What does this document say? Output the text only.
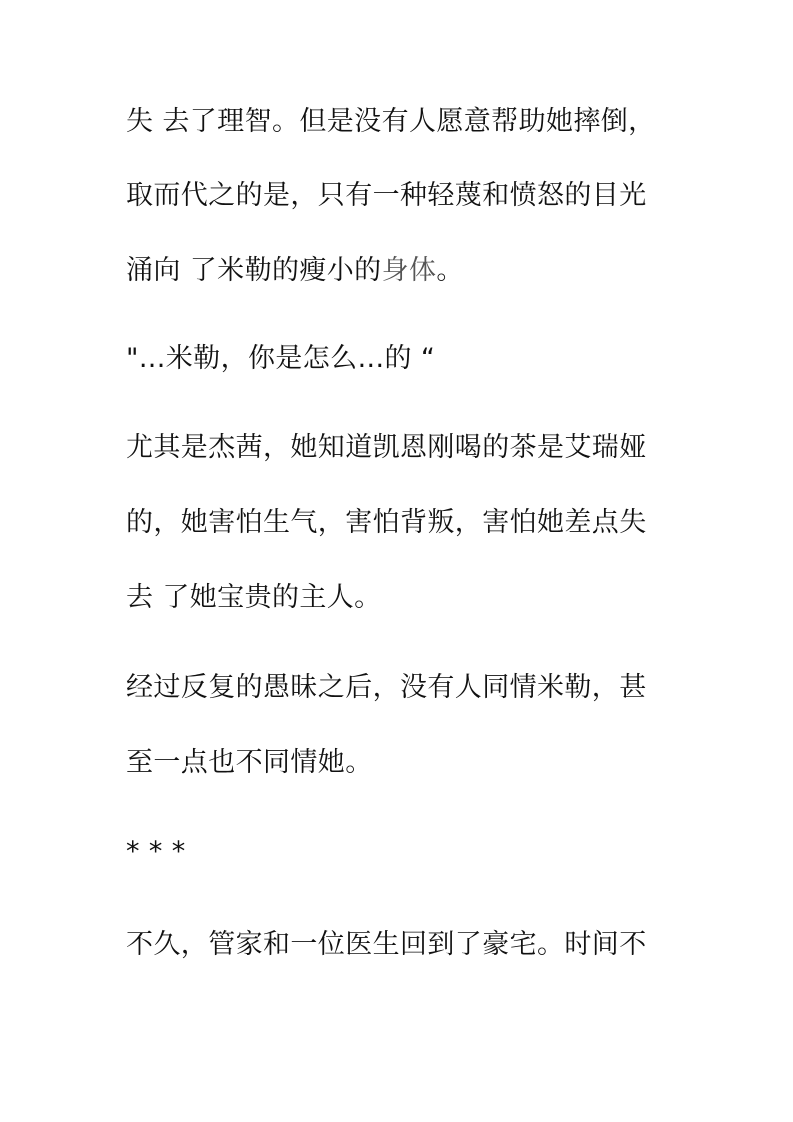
失 去了理智。但是没有人愿意帮助她摔倒，
取而代之的是，只有一种轻蔑和愤怒的目光
涌向 了米勒的瘦小的身体。
"...米勒，你是怎么...的 “
尤其是杰茜，她知道凯恩刚喝的茶是艾瑞娅
的，她害怕生气，害怕背叛，害怕她差点失
去 了她宝贵的主人。
经过反复的愚昧之后，没有人同情米勒，甚
至一点也不同情她。
* * *
不久，管家和一位医生回到了豪宅。时间不
